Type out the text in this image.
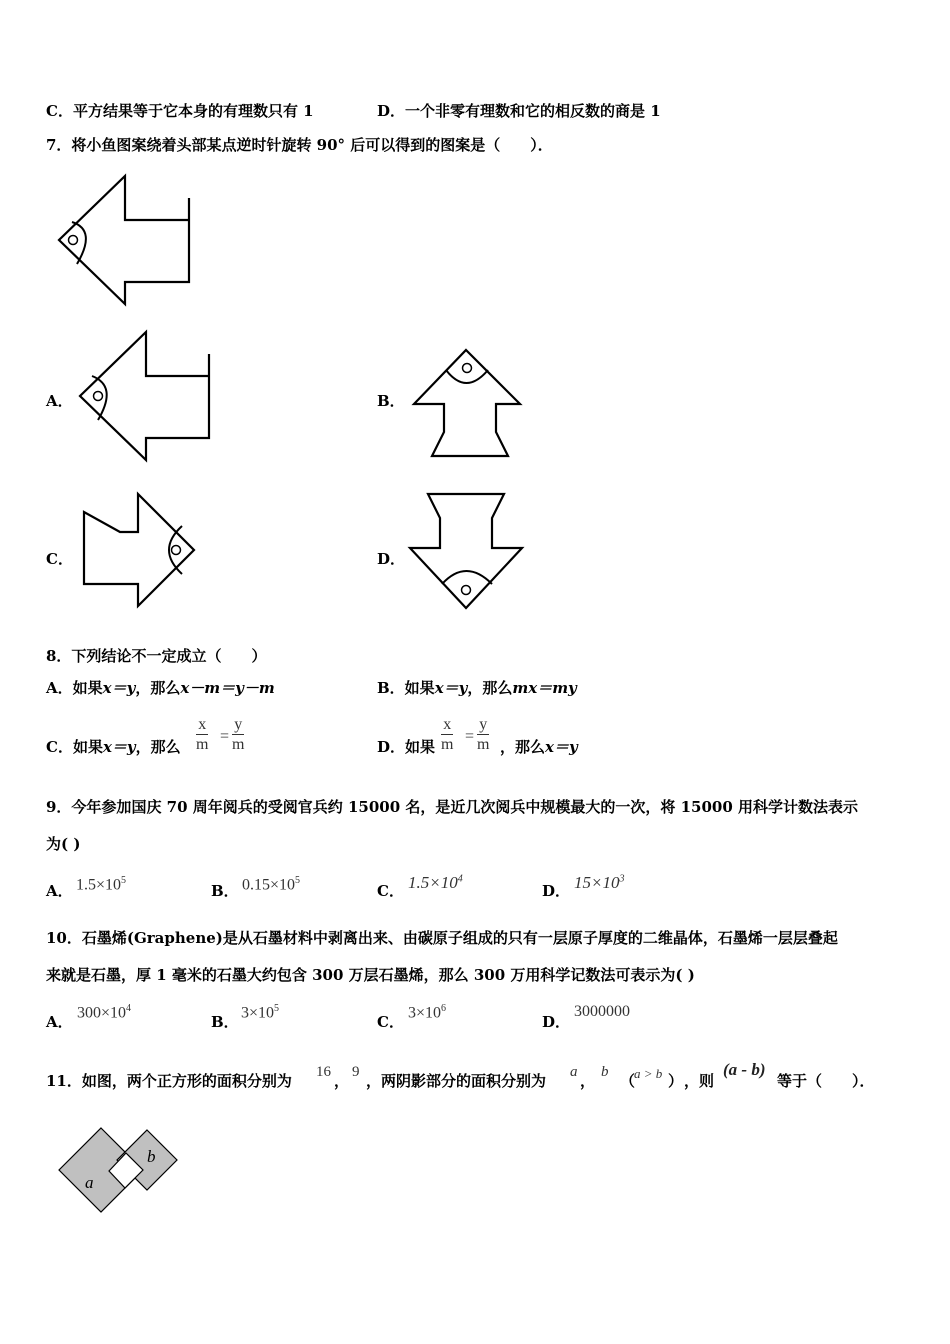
C．平方结果等于它本身的有理数只有 1	D．一个非零有理数和它的相反数的商是 1
7．将小鱼图案绕着头部某点逆时针旋转 90° 后可以得到的图案是（　　）．
A．	B．
C．	D．
8．下列结论不一定成立（　　）
A．如果x＝y，那么x－m＝y－m	B．如果x＝y，那么mx＝my
C．如果x＝y，那么 $\frac{x}{m} = \frac{y}{m}$	D．如果 $\frac{x}{m} = \frac{y}{m}$ ，那么x＝y
9．今年参加国庆 70 周年阅兵的受阅官兵约 15000 名，是近几次阅兵中规模最大的一次，将 15000 用科学计数法表示
为( )
A． $1.5\times 10^5$
B． $0.15\times 10^5$
C． $1.5\times 10^4$
D． $15\times 10^3$
10．石墨烯(Graphene)是从石墨材料中剥离出来、由碳原子组成的只有一层原子厚度的二维晶体，石墨烯一层层叠起
来就是石墨，厚 1 毫米的石墨大约包含 300 万层石墨烯，那么 300 万用科学记数法可表示为( )
A．
$300\times 10^4$
B．
$3\times 10^5$
C．
$3\times 10^6$
D．
3000000
11．如图，两个正方形的面积分别为 16 ， 9 ，两阴影部分的面积分别为 a ， b （
a > b ） ，则
(a - b)
等于（　　）．
a
b
